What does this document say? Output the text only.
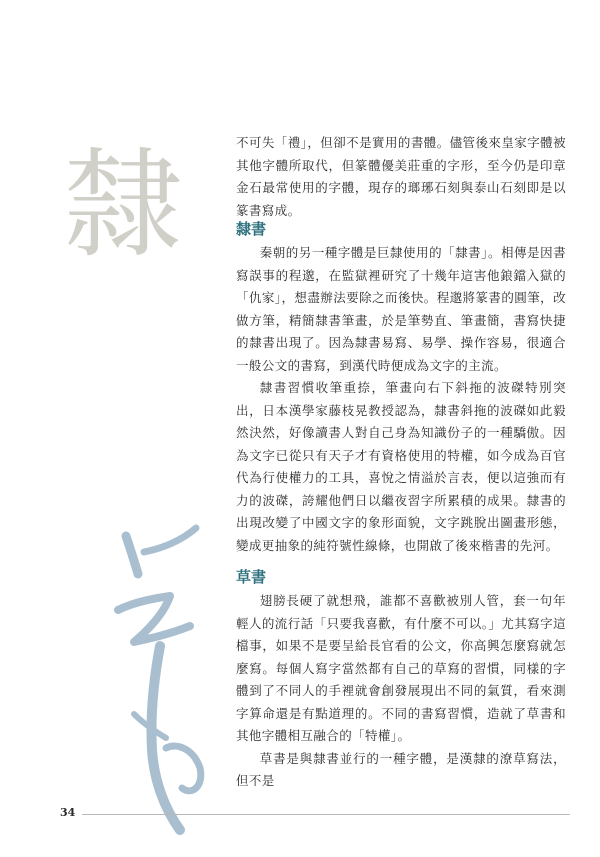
隸	不可失「禮」，但卻不是實用的書體。儘管後來皇家字體被其他字體所取代，但篆體優美莊重的字形，至今仍是印章金石最常使用的字體，現存的瑯琊石刻與泰山石刻即是以篆書寫成。

隸書

秦朝的另一種字體是巨隸使用的「隸書」。相傳是因書寫誤事的程邈，在監獄裡研究了十幾年這害他鋃鐺入獄的「仇家」，想盡辦法要除之而後快。程邈將篆書的圓筆，改做方筆，精簡隸書筆畫，於是筆勢直、筆畫簡，書寫快捷的隸書出現了。因為隸書易寫、易學、操作容易，很適合一般公文的書寫，到漢代時便成為文字的主流。

隸書習慣收筆重捺，筆畫向右下斜拖的波磔特別突出，日本漢學家藤枝晃教授認為，隸書斜拖的波磔如此毅然決然，好像讀書人對自己身為知識份子的一種驕傲。因為文字已從只有天子才有資格使用的特權，如今成為百官代為行使權力的工具，喜悅之情溢於言表，便以這強而有力的波磔，誇耀他們日以繼夜習字所累積的成果。隸書的出現改變了中國文字的象形面貌，文字跳脫出圖畫形態，變成更抽象的純符號性線條，也開啟了後來楷書的先河。

草書

翅膀長硬了就想飛，誰都不喜歡被別人管，套一句年輕人的流行話「只要我喜歡，有什麼不可以。」尤其寫字這檔事，如果不是要呈給長官看的公文，你高興怎麼寫就怎麼寫。每個人寫字當然都有自己的草寫的習慣，同樣的字體到了不同人的手裡就會創發展現出不同的氣質，看來測字算命還是有點道理的。不同的書寫習慣，造就了草書和其他字體相互融合的「特權」。

草書是與隸書並行的一種字體，是漢隸的潦草寫法，但不是

34
